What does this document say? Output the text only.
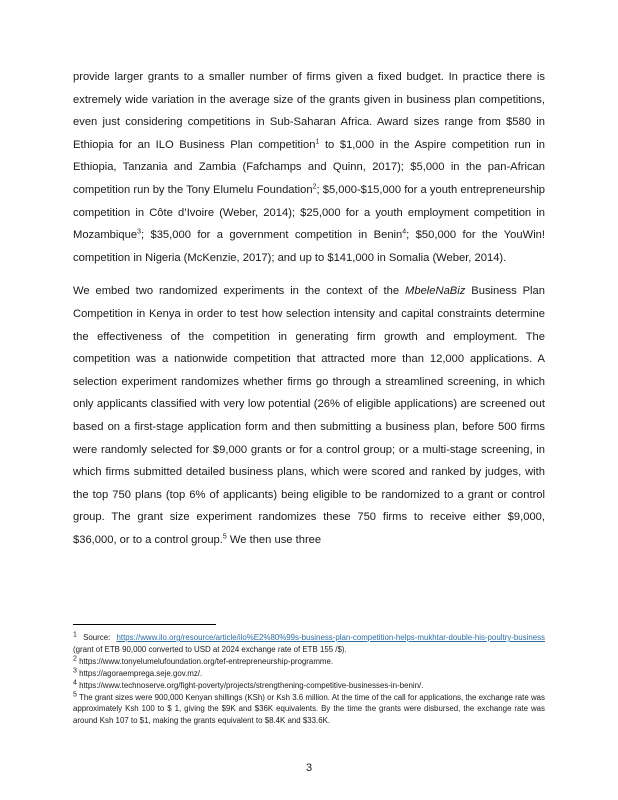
provide larger grants to a smaller number of firms given a fixed budget. In practice there is extremely wide variation in the average size of the grants given in business plan competitions, even just considering competitions in Sub-Saharan Africa. Award sizes range from $580 in Ethiopia for an ILO Business Plan competition$^1$ to $1,000 in the Aspire competition run in Ethiopia, Tanzania and Zambia (Fafchamps and Quinn, 2017); $5,000 in the pan-African competition run by the Tony Elumelu Foundation$^2$; $5,000-$15,000 for a youth entrepreneurship competition in Côte d’Ivoire (Weber, 2014); $25,000 for a youth employment competition in Mozambique$^3$; $35,000 for a government competition in Benin$^4$; $50,000 for the YouWin! competition in Nigeria (McKenzie, 2017); and up to $141,000 in Somalia (Weber, 2014).

We embed two randomized experiments in the context of the MbeleNaBiz Business Plan Competition in Kenya in order to test how selection intensity and capital constraints determine the effectiveness of the competition in generating firm growth and employment. The competition was a nationwide competition that attracted more than 12,000 applications. A selection experiment randomizes whether firms go through a streamlined screening, in which only applicants classified with very low potential (26% of eligible applications) are screened out based on a first-stage application form and then submitting a business plan, before 500 firms were randomly selected for $9,000 grants or for a control group; or a multi-stage screening, in which firms submitted detailed business plans, which were scored and ranked by judges, with the top 750 plans (top 6% of applicants) being eligible to be randomized to a grant or control group. The grant size experiment randomizes these 750 firms to receive either $9,000, $36,000, or to a control group.$^5$ We then use three

$^1$ Source: https://www.ilo.org/resource/article/ilo%E2%80%99s-business-plan-competition-helps-mukhtar-double-his-poultry-business (grant of ETB 90,000 converted to USD at 2024 exchange rate of ETB 155 /$).

$^2$ https://www.tonyelumelufoundation.org/tef-entrepreneurship-programme.

$^3$ https://agoraemprega.seje.gov.mz/.

$^4$ https://www.technoserve.org/fight-poverty/projects/strengthening-competitive-businesses-in-benin/.

$^5$ The grant sizes were 900,000 Kenyan shillings (KSh) or Ksh 3.6 million. At the time of the call for applications, the exchange rate was approximately Ksh 100 to $ 1, giving the $9K and $36K equivalents. By the time the grants were disbursed, the exchange rate was around Ksh 107 to $1, making the grants equivalent to $8.4K and $33.6K.

3
